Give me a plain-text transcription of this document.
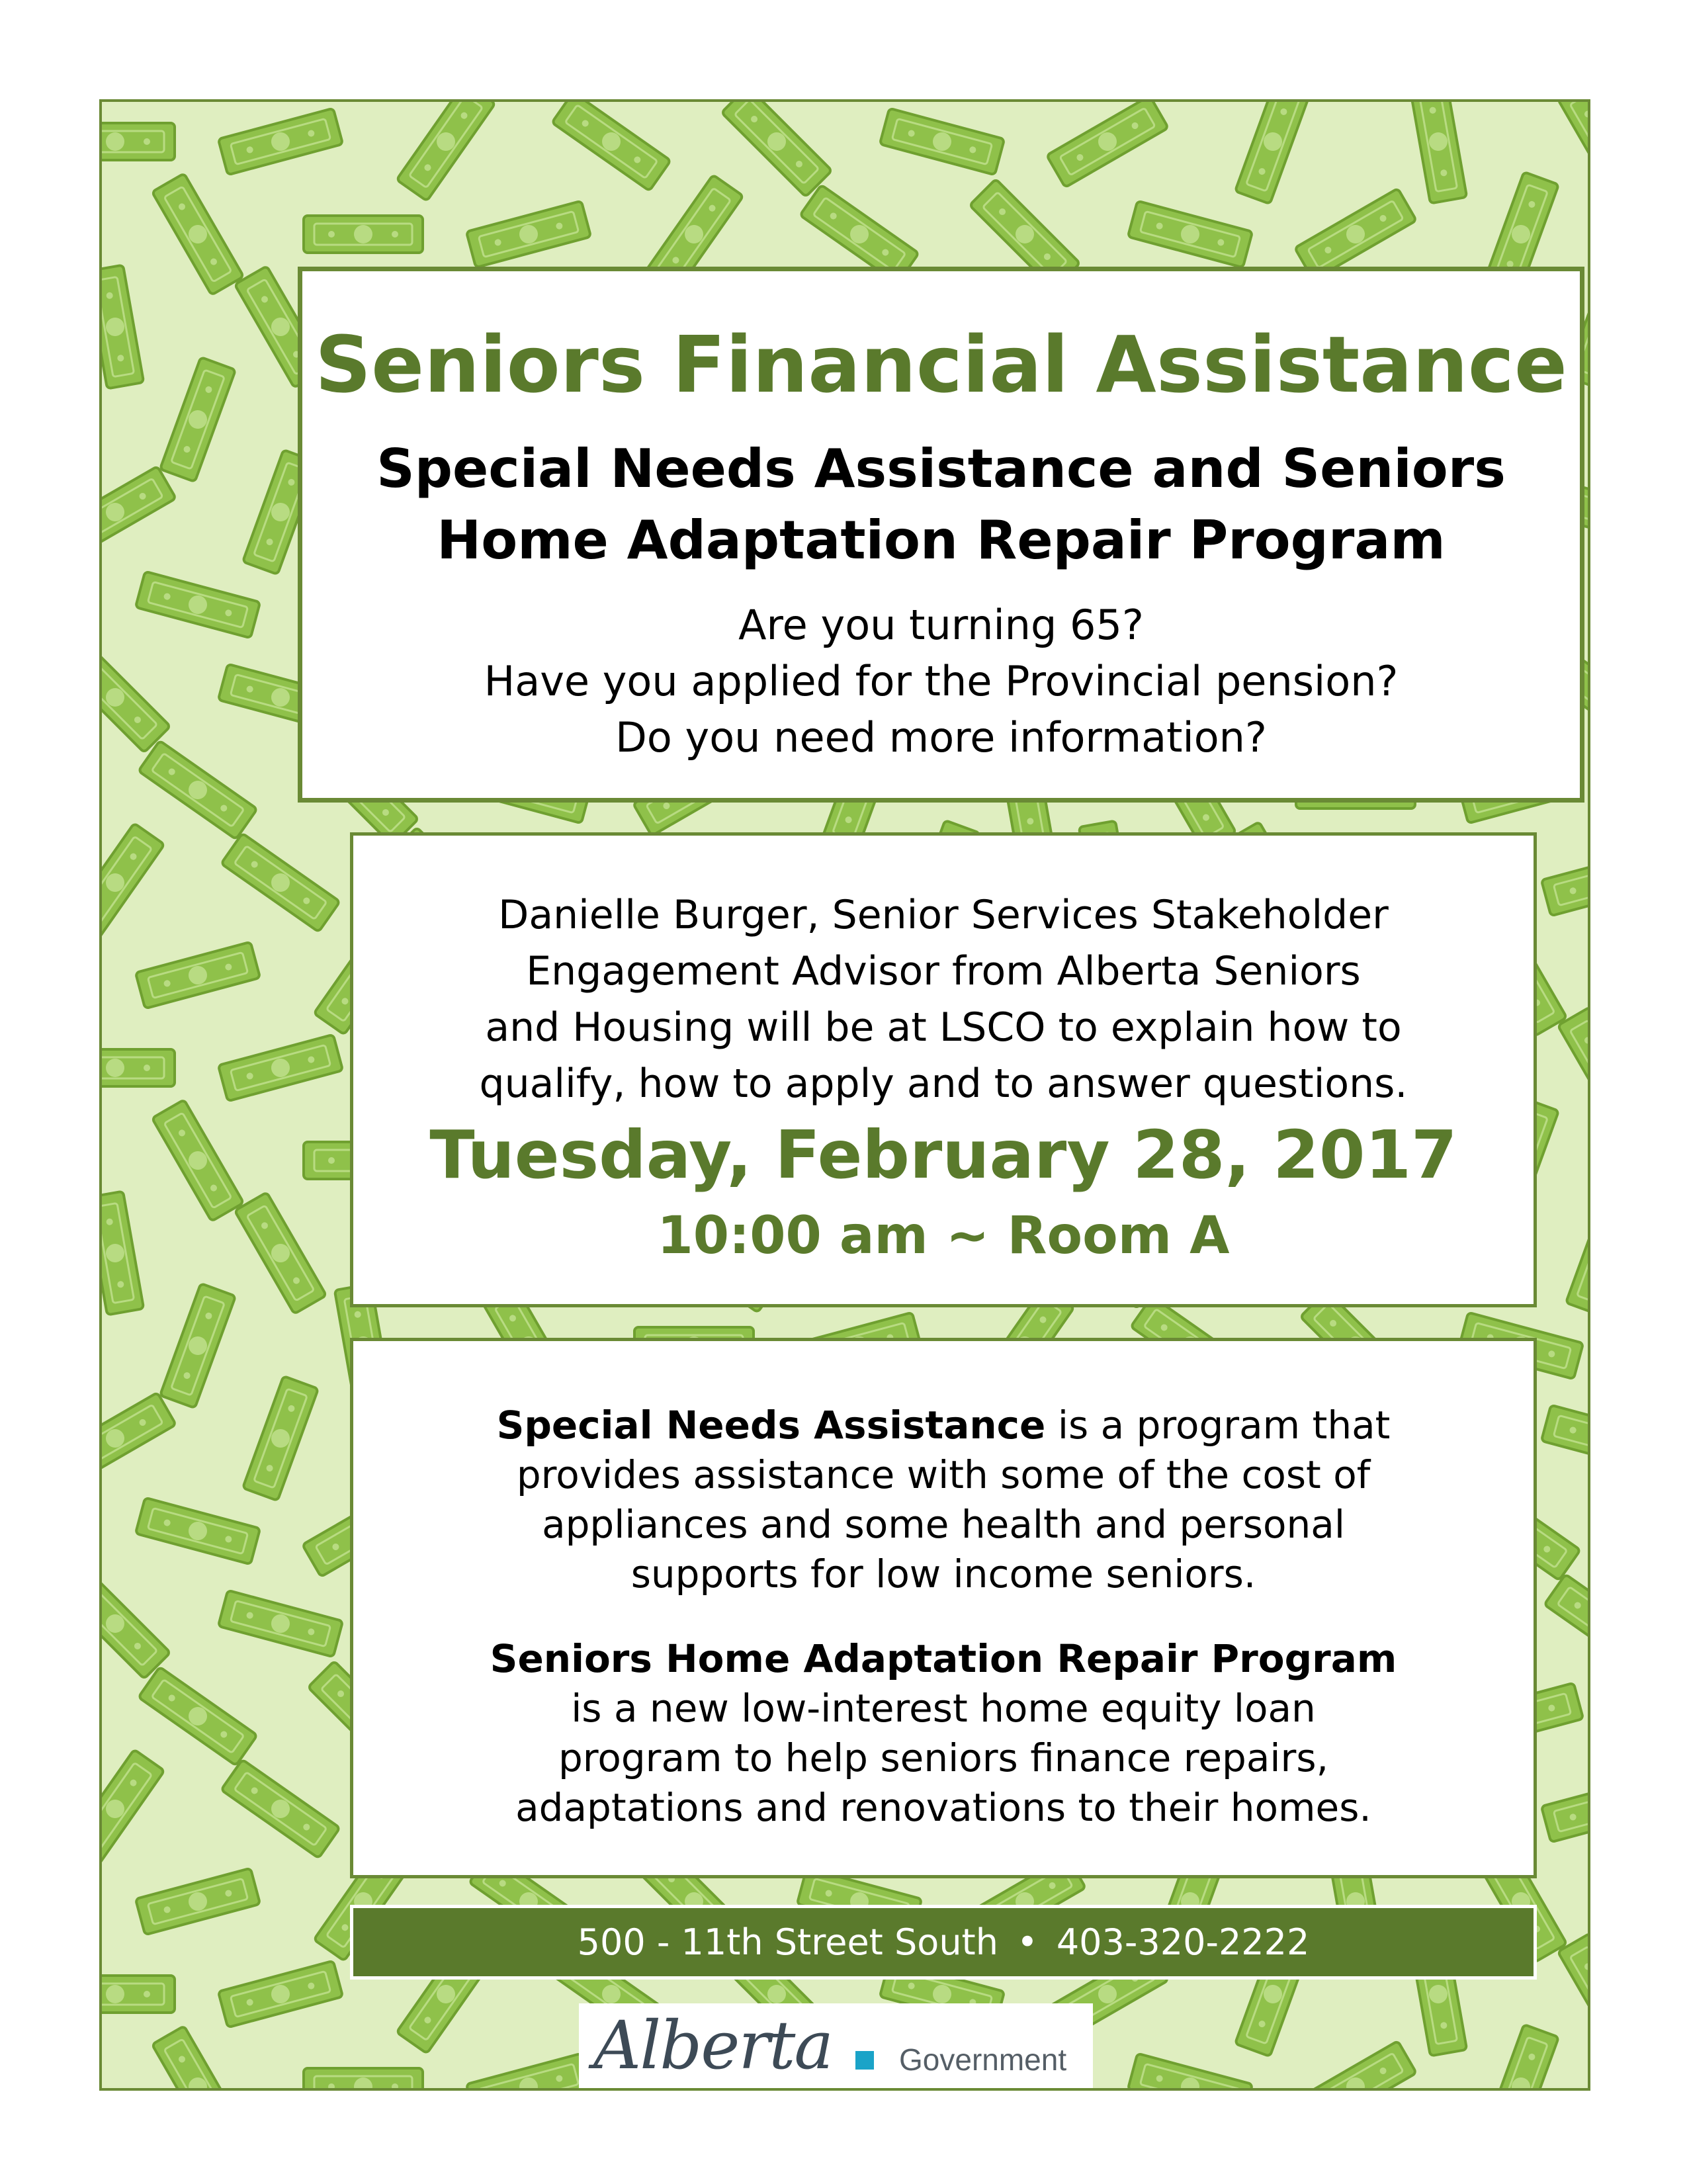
Seniors Financial Assistance
Special Needs Assistance and Seniors
Home Adaptation Repair Program
Are you turning 65?
Have you applied for the Provincial pension?
Do you need more information?
Danielle Burger, Senior Services Stakeholder
Engagement Advisor from Alberta Seniors
and Housing will be at LSCO to explain how to
qualify, how to apply and to answer questions.
Tuesday, February 28, 2017
10:00 am ~ Room A
Special Needs Assistance is a program that
provides assistance with some of the cost of
appliances and some health and personal
supports for low income seniors.
Seniors Home Adaptation Repair Program
is a new low-interest home equity loan
program to help seniors finance repairs,
adaptations and renovations to their homes.
500 - 11th Street South • 403-320-2222
Alberta Government
